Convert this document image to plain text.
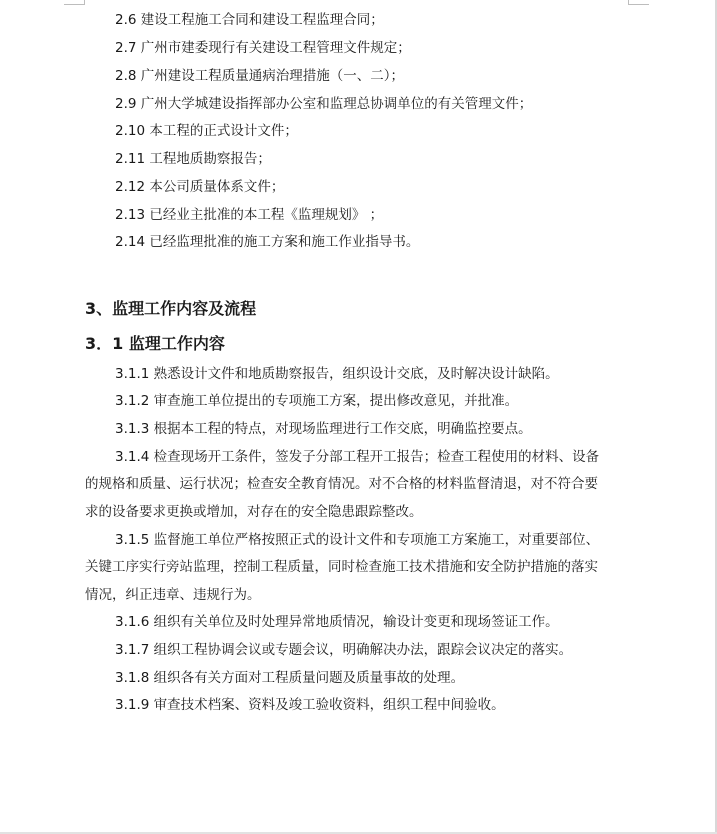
2.6 建设工程施工合同和建设工程监理合同；
2.7 广州市建委现行有关建设工程管理文件规定；
2.8 广州建设工程质量通病治理措施（一、二）；
2.9 广州大学城建设指挥部办公室和监理总协调单位的有关管理文件；
2.10 本工程的正式设计文件；
2.11 工程地质勘察报告；
2.12 本公司质量体系文件；
2.13 已经业主批准的本工程《监理规划》 ；
2.14 已经监理批准的施工方案和施工作业指导书。
3、监理工作内容及流程
3．1 监理工作内容
3.1.1 熟悉设计文件和地质勘察报告，组织设计交底，及时解决设计缺陷。
3.1.2 审查施工单位提出的专项施工方案，提出修改意见，并批准。
3.1.3 根据本工程的特点，对现场监理进行工作交底，明确监控要点。
3.1.4 检查现场开工条件，签发子分部工程开工报告；检查工程使用的材料、设备
的规格和质量、运行状况；检查安全教育情况。对不合格的材料监督清退，对不符合要
求的设备要求更换或增加，对存在的安全隐患跟踪整改。
3.1.5 监督施工单位严格按照正式的设计文件和专项施工方案施工，对重要部位、
关键工序实行旁站监理，控制工程质量，同时检查施工技术措施和安全防护措施的落实
情况，纠正违章、违规行为。
3.1.6 组织有关单位及时处理异常地质情况，输设计变更和现场签证工作。
3.1.7 组织工程协调会议或专题会议，明确解决办法，跟踪会议决定的落实。
3.1.8 组织各有关方面对工程质量问题及质量事故的处理。
3.1.9 审查技术档案、资料及竣工验收资料，组织工程中间验收。
